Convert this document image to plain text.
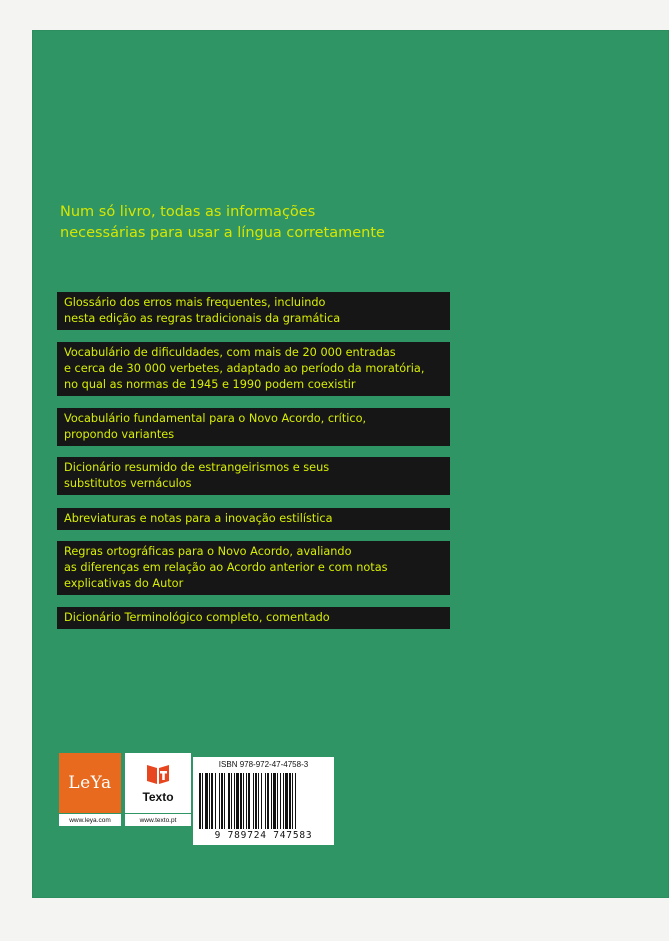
Num só livro, todas as informações
necessárias para usar a língua corretamente
Glossário dos erros mais frequentes, incluindo
nesta edição as regras tradicionais da gramática
Vocabulário de dificuldades, com mais de 20 000 entradas
e cerca de 30 000 verbetes, adaptado ao período da moratória,
no qual as normas de 1945 e 1990 podem coexistir
Vocabulário fundamental para o Novo Acordo, crítico,
propondo variantes
Dicionário resumido de estrangeirismos e seus
substitutos vernáculos
Abreviaturas e notas para a inovação estilística
Regras ortográficas para o Novo Acordo, avaliando
as diferenças em relação ao Acordo anterior e com notas
explicativas do Autor
Dicionário Terminológico completo, comentado
LeYa
www.leya.com
Texto
www.texto.pt
ISBN 978-972-47-4758-3
9 789724 747583
